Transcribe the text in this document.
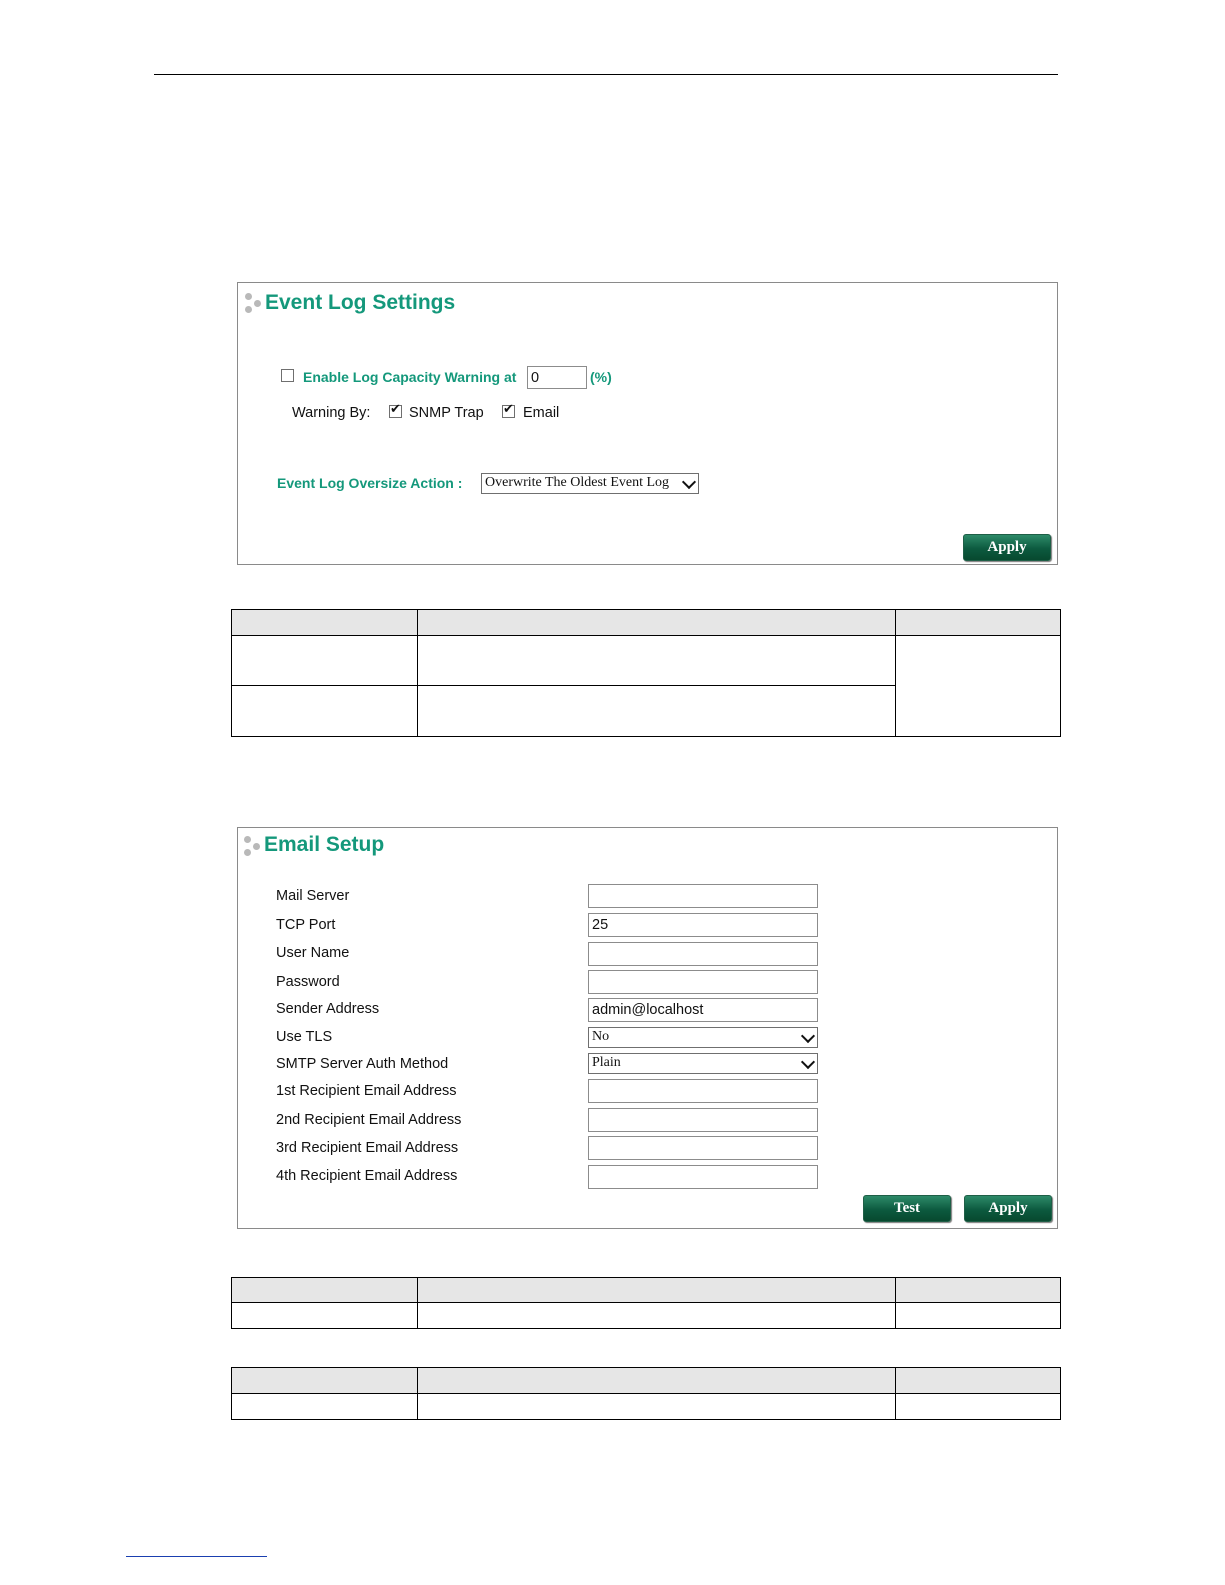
Event Log Settings
Enable Log Capacity Warning at 0	(%)
Warning By: ✔	SNMP Trap ✔	Email
Event Log Oversize Action : Overwrite The Oldest Event Log
Apply

Email Setup
Mail Server
TCP Port	25
User Name
Password
Sender Address	admin@localhost
Use TLS	No
SMTP Server Auth Method	Plain
1st Recipient Email Address
2nd Recipient Email Address
3rd Recipient Email Address
4th Recipient Email Address
Test	Apply
